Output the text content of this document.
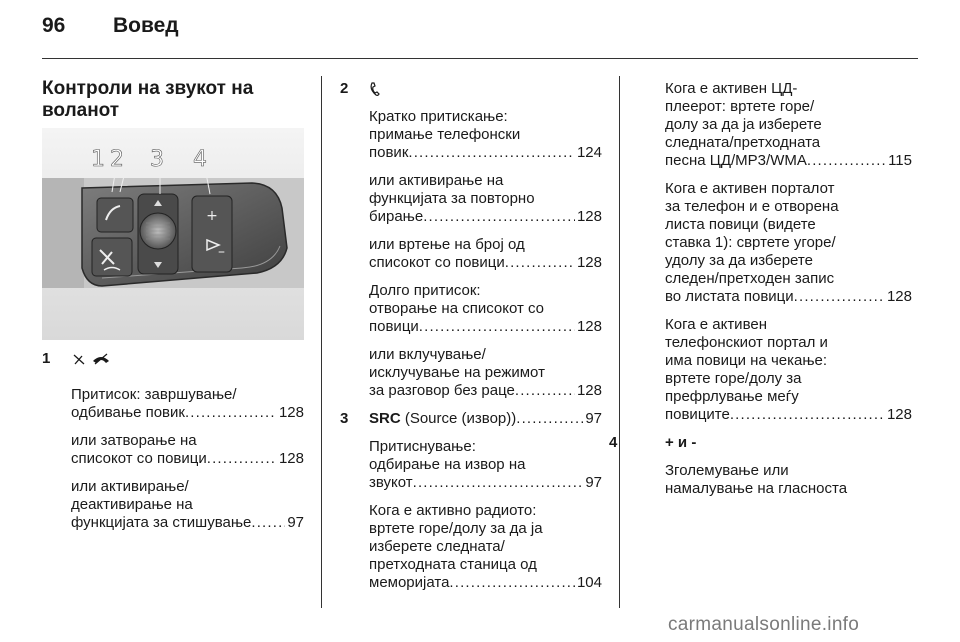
96 Вовед
Контроли на звукот на
воланот
+
–
1 2 3 4
1

Притисок: завршување/
одбивање повик . . .	128
или затворање на
списокот со повици . . .	128
или активирање/
деактивирање на
функцијата за стишување . . . 97
2
Кратко притискање:
примање телефонски
повик . . .	124
или активирање на
функцијата за повторно
бирање . . .	128
или вртење на број од
списокот со повици . . .	128
Долго притисок:
отворање на списокот со
повици . . .	128
или вклучување/
исклучување на режимот
за разговор без раце . . .	128
3 SRC (Source (извор)) . . .	97
Притиснување:
одбирање на извор на
звукот . . .	97
Кога е активно радиото:
вртете горе/долу за да ја
изберете следната/
претходната станица од
меморијата . . .	104
Кога е активен ЦД-
плеерот: вртете горе/
долу за да ја изберете
следната/претходната
песна ЦД/MP3/WMA . . .	115
Кога е активен порталот
за телефон и е отворена
листа повици (видете
ставка 1): свртете угоре/
удолу за да изберете
следен/претходен запис
во листата повици . . .	128
Кога е активен
телефонскиот портал и
има повици на чекање:
вртете горе/долу за
префрлување меѓу
повиците . . .	128
4	+ и -
Зголемување или
намалување на гласноста
carmanualsonline.info
